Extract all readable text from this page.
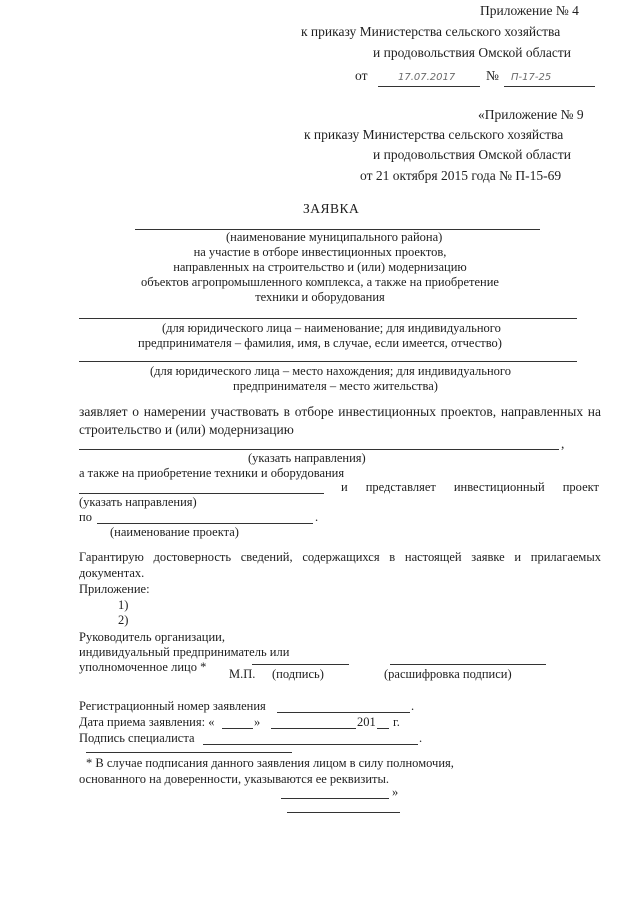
Приложение № 4
к приказу Министерства сельского хозяйства
и продовольствия Омской области
от	17.07.2017 № П-17-25
«Приложение № 9
к приказу Министерства сельского хозяйства
и продовольствия Омской области
от 21 октября 2015 года № П-15-69
ЗАЯВКА
(наименование муниципального района)
на участие в отборе инвестиционных проектов,
направленных на строительство и (или) модернизацию
объектов агропромышленного комплекса, а также на приобретение
техники и оборудования
(для юридического лица – наименование; для индивидуального
предпринимателя – фамилия, имя, в случае, если имеется, отчество)
(для юридического лица – место нахождения; для индивидуального
предпринимателя – место жительства)
заявляет о намерении участвовать в отборе инвестиционных проектов, направленных на
строительство и (или) модернизацию
,
(указать направления)
а также на приобретение техники и оборудования
и представляет инвестиционный проект
(указать направления)
по	.
(наименование проекта)
Гарантирую достоверность сведений, содержащихся в настоящей заявке и прилагаемых
документах.
Приложение:
1)
2)
Руководитель организации,
индивидуальный предприниматель или
уполномоченное лицо * М.П. (подпись)	(расшифровка подписи)
Регистрационный номер заявления	.
Дата приема заявления: «	»	201 г.
Подпись специалиста	.
* В случае подписания данного заявления лицом в силу полномочия,
основанного на доверенности, указываются ее реквизиты.
»
